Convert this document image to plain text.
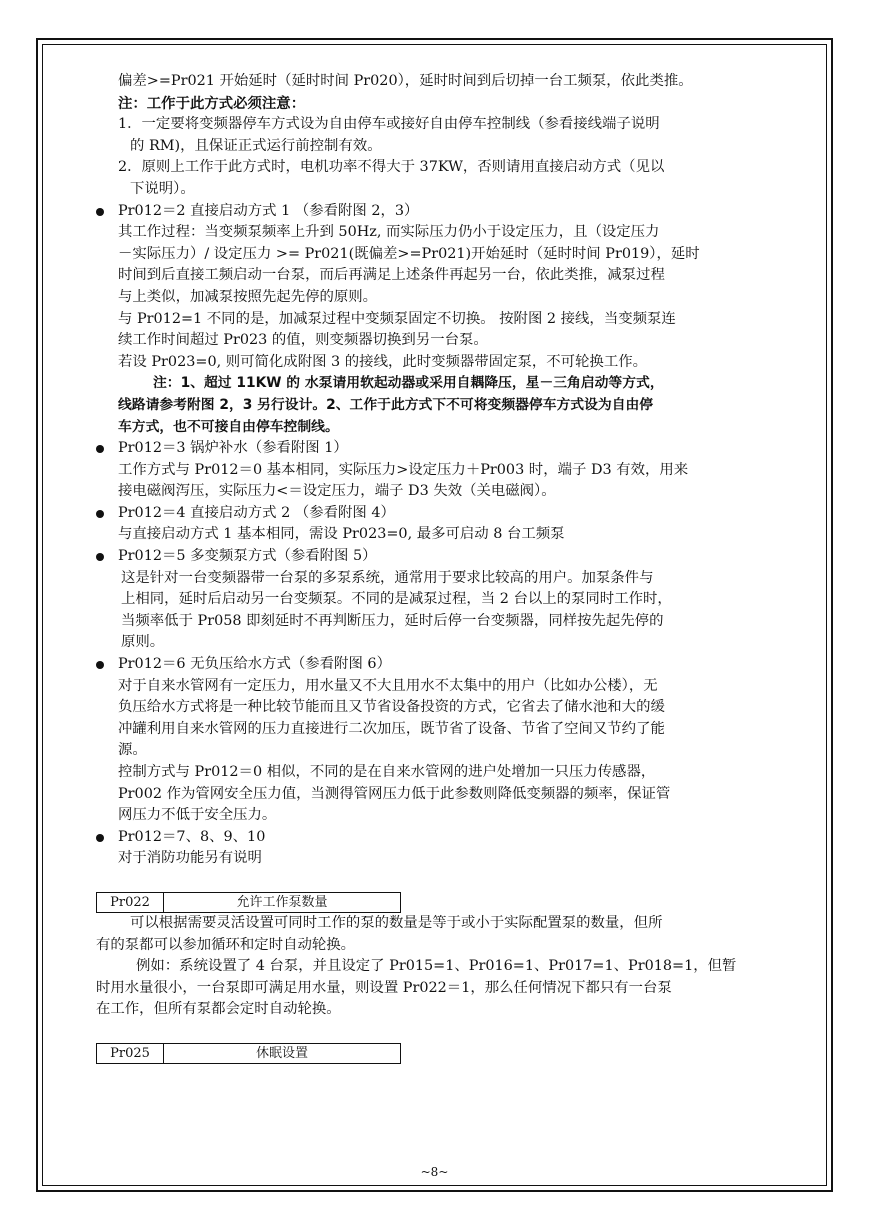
偏差>=Pr021 开始延时（延时时间 Pr020），延时时间到后切掉一台工频泵，依此类推。
注：工作于此方式必须注意：
1．一定要将变频器停车方式设为自由停车或接好自由停车控制线（参看接线端子说明
的 RM)，且保证正式运行前控制有效。
2．原则上工作于此方式时，电机功率不得大于 37KW，否则请用直接启动方式（见以
下说明）。
Pr012＝2 直接启动方式 1 （参看附图 2，3）
其工作过程：当变频泵频率上升到 50Hz, 而实际压力仍小于设定压力，且（设定压力
－实际压力）/ 设定压力 >= Pr021(既偏差>=Pr021)开始延时（延时时间 Pr019），延时
时间到后直接工频启动一台泵，而后再满足上述条件再起另一台，依此类推，减泵过程
与上类似，加减泵按照先起先停的原则。
与 Pr012=1 不同的是，加减泵过程中变频泵固定不切换。 按附图 2 接线，当变频泵连
续工作时间超过 Pr023 的值，则变频器切换到另一台泵。
若设 Pr023=0, 则可简化成附图 3 的接线，此时变频器带固定泵，不可轮换工作。
注：1、超过 11KW 的 水泵请用软起动器或采用自耦降压，星－三角启动等方式，
线路请参考附图 2，3 另行设计。2、工作于此方式下不可将变频器停车方式设为自由停
车方式，也不可接自由停车控制线。
Pr012＝3 锅炉补水（参看附图 1）
工作方式与 Pr012＝0 基本相同，实际压力>设定压力＋Pr003 时，端子 D3 有效，用来
接电磁阀泻压，实际压力<＝设定压力，端子 D3 失效（关电磁阀）。
Pr012＝4 直接启动方式 2 （参看附图 4）
与直接启动方式 1 基本相同，需设 Pr023=0, 最多可启动 8 台工频泵
Pr012＝5 多变频泵方式（参看附图 5）
这是针对一台变频器带一台泵的多泵系统，通常用于要求比较高的用户。加泵条件与
上相同，延时后启动另一台变频泵。不同的是减泵过程，当 2 台以上的泵同时工作时，
当频率低于 Pr058 即刻延时不再判断压力，延时后停一台变频器，同样按先起先停的
原则。
Pr012＝6 无负压给水方式（参看附图 6）
对于自来水管网有一定压力，用水量又不大且用水不太集中的用户（比如办公楼），无
负压给水方式将是一种比较节能而且又节省设备投资的方式，它省去了储水池和大的缓
冲罐利用自来水管网的压力直接进行二次加压，既节省了设备、节省了空间又节约了能
源。
控制方式与 Pr012＝0 相似，不同的是在自来水管网的进户处增加一只压力传感器，
Pr002 作为管网安全压力值，当测得管网压力低于此参数则降低变频器的频率，保证管
网压力不低于安全压力。
Pr012＝7、8、9、10
对于消防功能另有说明
Pr022	允许工作泵数量
可以根据需要灵活设置可同时工作的泵的数量是等于或小于实际配置泵的数量，但所
有的泵都可以参加循环和定时自动轮换。
例如：系统设置了 4 台泵，并且设定了 Pr015=1、Pr016=1、Pr017=1、Pr018=1，但暂
时用水量很小，一台泵即可满足用水量，则设置 Pr022＝1，那么任何情况下都只有一台泵
在工作，但所有泵都会定时自动轮换。
Pr025	休眠设置
~8~
